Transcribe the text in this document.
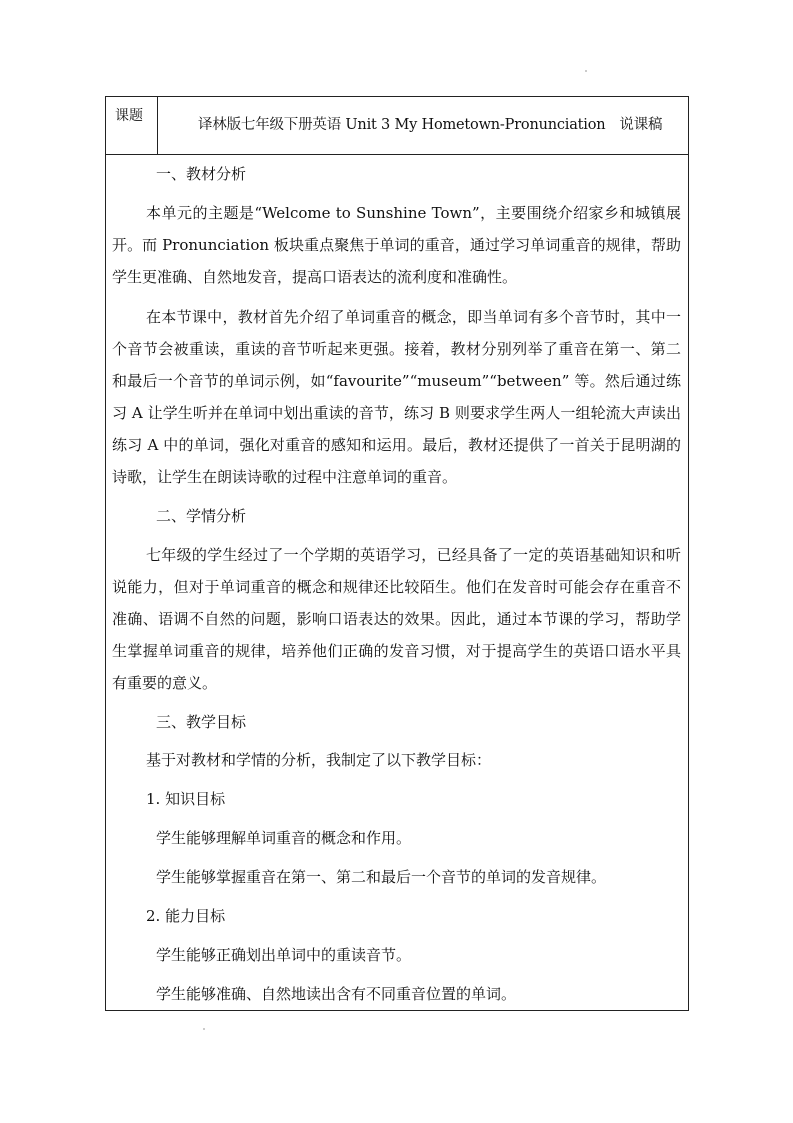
课题	译林版七年级下册英语 Unit 3 My Hometown-Pronunciation 说课稿

一、教材分析

本单元的主题是“Welcome to Sunshine Town”，主要围绕介绍家乡和城镇展开。而 Pronunciation 板块重点聚焦于单词的重音，通过学习单词重音的规律，帮助学生更准确、自然地发音，提高口语表达的流利度和准确性。

在本节课中，教材首先介绍了单词重音的概念，即当单词有多个音节时，其中一个音节会被重读，重读的音节听起来更强。接着，教材分别列举了重音在第一、第二和最后一个音节的单词示例，如“favourite”“museum”“between” 等。然后通过练习 A 让学生听并在单词中划出重读的音节，练习 B 则要求学生两人一组轮流大声读出练习 A 中的单词，强化对重音的感知和运用。最后，教材还提供了一首关于昆明湖的诗歌，让学生在朗读诗歌的过程中注意单词的重音。

二、学情分析

七年级的学生经过了一个学期的英语学习，已经具备了一定的英语基础知识和听说能力，但对于单词重音的概念和规律还比较陌生。他们在发音时可能会存在重音不准确、语调不自然的问题，影响口语表达的效果。因此，通过本节课的学习，帮助学生掌握单词重音的规律，培养他们正确的发音习惯，对于提高学生的英语口语水平具有重要的意义。

三、教学目标

基于对教材和学情的分析，我制定了以下教学目标：

1. 知识目标

学生能够理解单词重音的概念和作用。

学生能够掌握重音在第一、第二和最后一个音节的单词的发音规律。

2. 能力目标

学生能够正确划出单词中的重读音节。

学生能够准确、自然地读出含有不同重音位置的单词。
